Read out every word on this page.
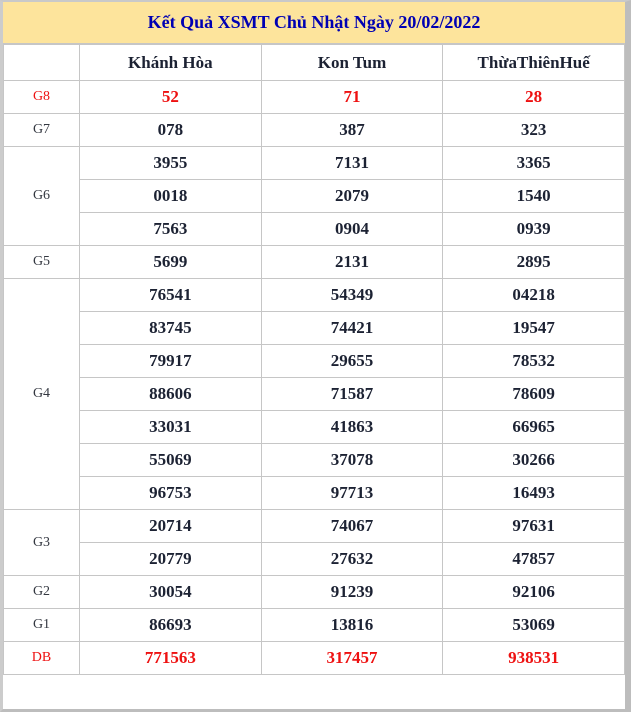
Kết Quả XSMT Chủ Nhật Ngày 20/02/2022
	Khánh Hòa	Kon Tum	ThừaThiênHuế
G8	52	71	28
G7	078	387	323
G6	3955	7131	3365
	0018	2079	1540
	7563	0904	0939
G5	5699	2131	2895
G4	76541	54349	04218
	83745	74421	19547
	79917	29655	78532
	88606	71587	78609
	33031	41863	66965
	55069	37078	30266
	96753	97713	16493
G3	20714	74067	97631
	20779	27632	47857
G2	30054	91239	92106
G1	86693	13816	53069
DB	771563	317457	938531
